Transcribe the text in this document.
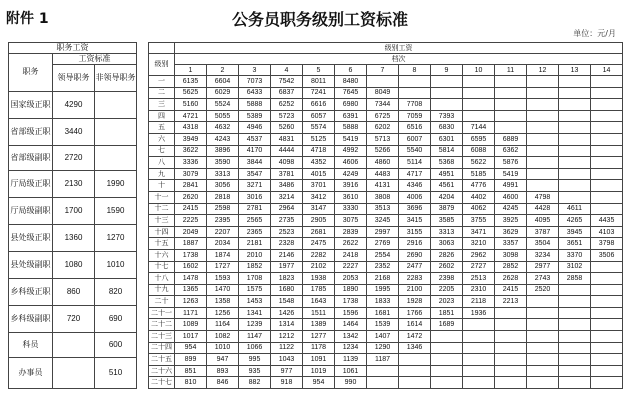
附件 1	公务员职务级别工资标准
单位：元/月
职务工资		
职务	工资标准	
	领导职务	非领导职务
国家级正职	4290	
省部级正职	3440	
省部级副职	2720	
厅局级正职	2130	1990
厅局级副职	1700	1590
县处级正职	1360	1270
县处级副职	1080	1010
乡科级正职	860	820
乡科级副职	720	690
科员		600
办事员		510
	级别工资													
级别	档次													
	1	2	3	4	5	6	7	8	9	10	11	12	13	14
一	6135	6604	7073	7542	8011	8480								
二	5625	6029	6433	6837	7241	7645	8049							
三	5160	5524	5888	6252	6616	6980	7344	7708						
四	4721	5055	5389	5723	6057	6391	6725	7059	7393					
五	4318	4632	4946	5260	5574	5888	6202	6516	6830	7144				
六	3949	4243	4537	4831	5125	5419	5713	6007	6301	6595	6889			
七	3622	3896	4170	4444	4718	4992	5266	5540	5814	6088	6362			
八	3336	3590	3844	4098	4352	4606	4860	5114	5368	5622	5876			
九	3079	3313	3547	3781	4015	4249	4483	4717	4951	5185	5419			
十	2841	3056	3271	3486	3701	3916	4131	4346	4561	4776	4991			
十一	2620	2818	3016	3214	3412	3610	3808	4006	4204	4402	4600	4798		
十二	2415	2598	2781	2964	3147	3330	3513	3696	3879	4062	4245	4428	4611	
十三	2225	2395	2565	2735	2905	3075	3245	3415	3585	3755	3925	4095	4265	4435
十四	2049	2207	2365	2523	2681	2839	2997	3155	3313	3471	3629	3787	3945	4103
十五	1887	2034	2181	2328	2475	2622	2769	2916	3063	3210	3357	3504	3651	3798
十六	1738	1874	2010	2146	2282	2418	2554	2690	2826	2962	3098	3234	3370	3506
十七	1602	1727	1852	1977	2102	2227	2352	2477	2602	2727	2852	2977	3102	
十八	1478	1593	1708	1823	1938	2053	2168	2283	2398	2513	2628	2743	2858	
十九	1365	1470	1575	1680	1785	1890	1995	2100	2205	2310	2415	2520		
二十	1263	1358	1453	1548	1643	1738	1833	1928	2023	2118	2213			
二十一	1171	1256	1341	1426	1511	1596	1681	1766	1851	1936				
二十二	1089	1164	1239	1314	1389	1464	1539	1614	1689					
二十三	1017	1082	1147	1212	1277	1342	1407	1472						
二十四	954	1010	1066	1122	1178	1234	1290	1346						
二十五	899	947	995	1043	1091	1139	1187							
二十六	851	893	935	977	1019	1061								
二十七	810	846	882	918	954	990								
